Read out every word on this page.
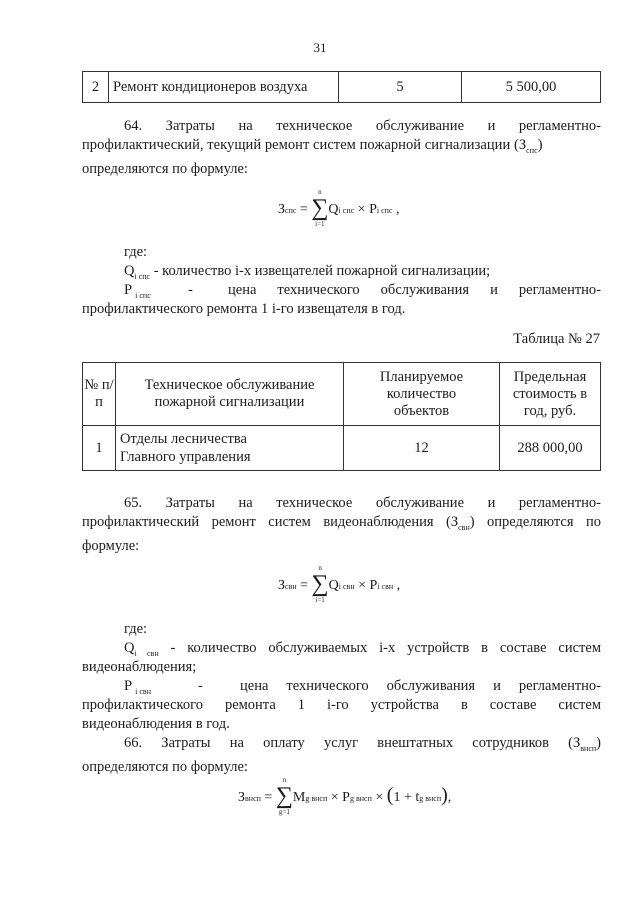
31
2	Ремонт кондиционеров воздуха	5	5 500,00
64. Затраты на техническое обслуживание и регламентно-
профилактический, текущий ремонт систем пожарной сигнализации $(З_{спс})$
определяются по формуле:
Зспс =
n
∑
i=1
Qi спс × Pi спс ,
где:
$Q_{i спс}$ - количество i-х извещателей пожарной сигнализации;
P $_{i спс}$	- цена технического обслуживания и регламентно-
профилактического ремонта 1 i-го извещателя в год.
Таблица № 27
№ п/п	Техническое обслуживание пожарной сигнализации	Планируемое количество объектов	Предельная стоимость в год, руб.
1	Отделы лесничества
Главного управления	12	288 000,00
65. Затраты на техническое обслуживание и регламентно-
профилактический ремонт систем видеонаблюдения $(З_{свн})$ определяются по
формуле:
Зсвн =
n
∑
i=1
Qi свн × Pi свн ,
где:
$Q_{i свн}$ - количество обслуживаемых i-х устройств в составе систем
видеонаблюдения;
P $_{i свн}$	-	цена технического обслуживания и регламентно-
профилактического ремонта 1 i-го устройства в составе систем
видеонаблюдения в год.
66. Затраты на оплату услуг внештатных сотрудников $(З_{внсп})$
определяются по формуле:
Звнсп =
n
∑
g=1
Mg внсп × Pg внсп × (1 + tg внсп),
